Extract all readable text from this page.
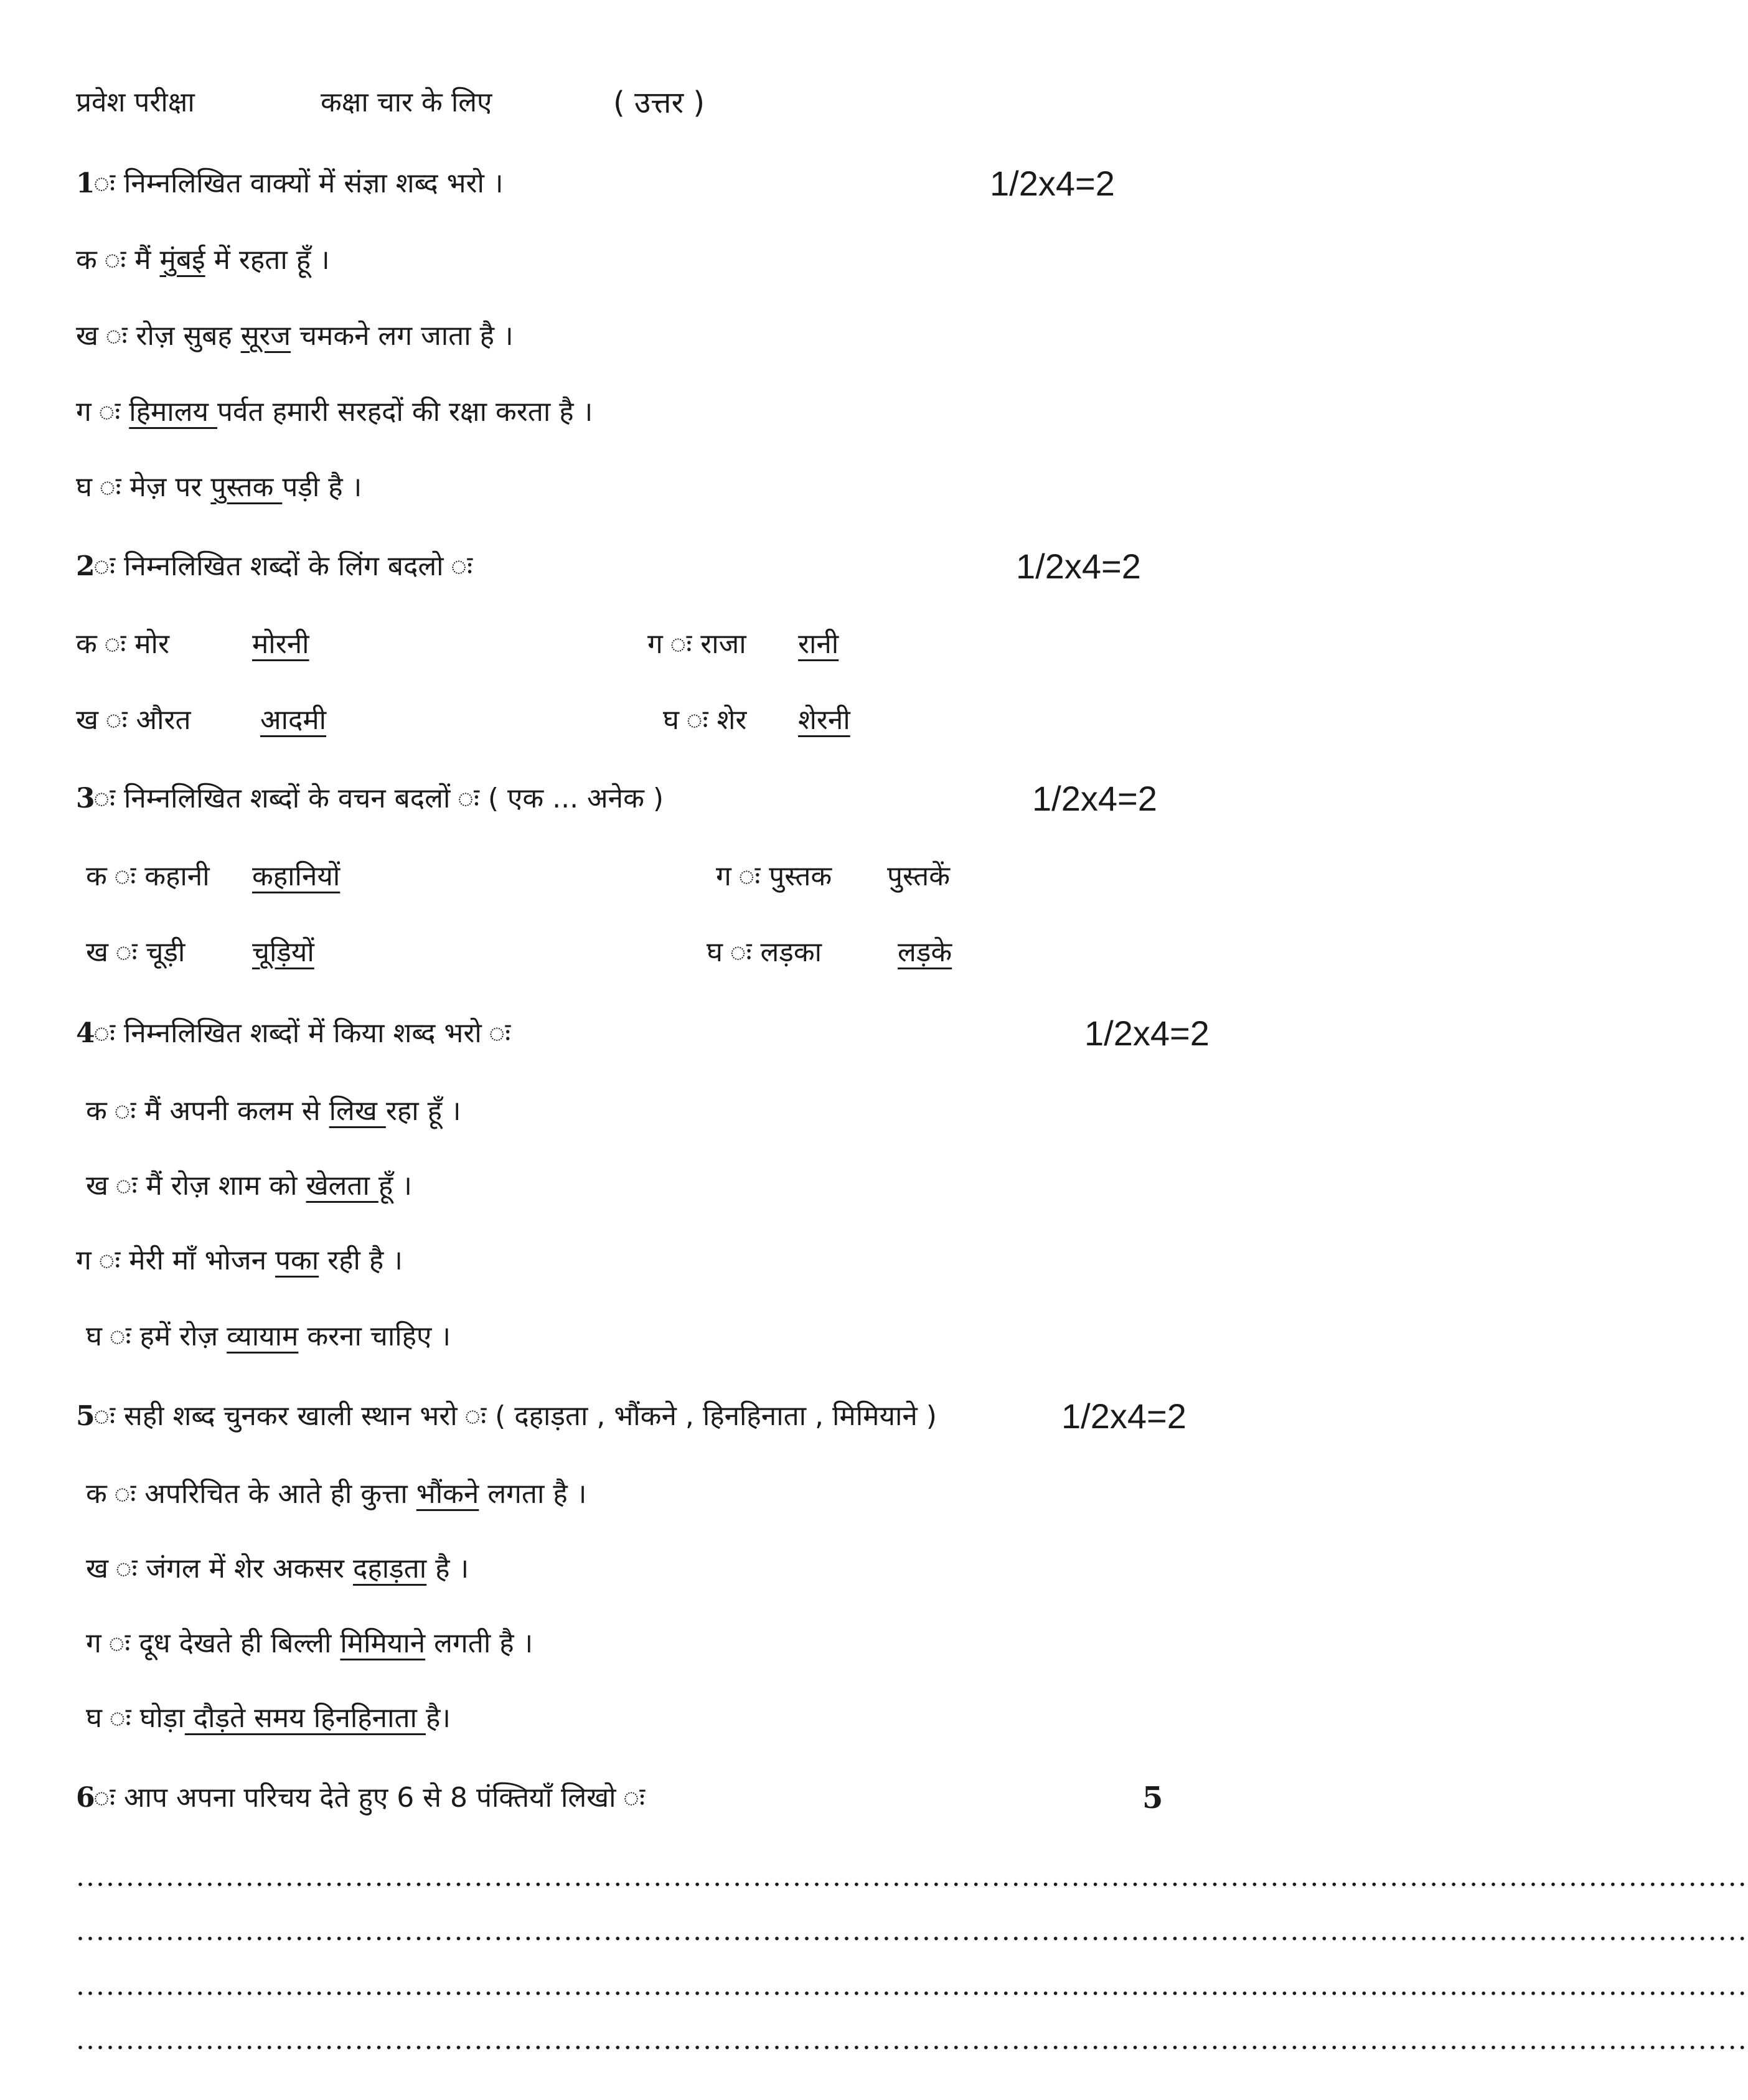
प्रवेश परीक्षा	कक्षा चार के लिए	( उत्तर )
1
ः निम्नलिखित वाक्यों में संज्ञा शब्द भरो ।	1/2x4=2
क ः मैं मुंबई में रहता हूँ ।
ख ः रोज़ सुबह सूरज चमकने लग जाता है ।
ग ः हिमालय पर्वत हमारी सरहदों की रक्षा करता है ।
घ ः मेज़ पर पुस्तक पड़ी है ।
2
ः निम्नलिखित शब्दों के लिंग बदलो ः	1/2x4=2
क ः मोर	मोरनी	ग ः राजा रानी
ख ः औरत	आदमी	घ ः शेर शेरनी
3
ः निम्नलिखित शब्दों के वचन बदलों ः ( एक ... अनेक )	1/2x4=2
क ः कहानी कहानियों	ग ः पुस्तक पुस्तकें
ख ः चूड़ी चूड़ियों	घ ः लड़का	लड़के
4
ः निम्नलिखित शब्दों में किया शब्द भरो ः	1/2x4=2
क ः मैं अपनी कलम से लिख रहा हूँ ।
ख ः मैं रोज़ शाम को खेलता हूँ ।
ग ः मेरी माँ भोजन पका रही है ।
घ ः हमें रोज़ व्यायाम करना चाहिए ।
5
ः सही शब्द चुनकर खाली स्थान भरो ः ( दहाड़ता , भौंकने , हिनहिनाता , मिमियाने )	1/2x4=2
क ः अपरिचित के आते ही कुत्ता भौंकने लगता है ।
ख ः जंगल में शेर अकसर दहाड़ता है ।
ग ः दूध देखते ही बिल्ली मिमियाने लगती है ।
घ ः घोड़ा दौड़ते समय हिनहिनाता है।
6
ः आप अपना परिचय देते हुए 6 से 8 पंक्तियाँ लिखो ः	5
........................................................................................................................................................................
........................................................................................................................................................................
........................................................................................................................................................................
........................................................................................................................................................................
